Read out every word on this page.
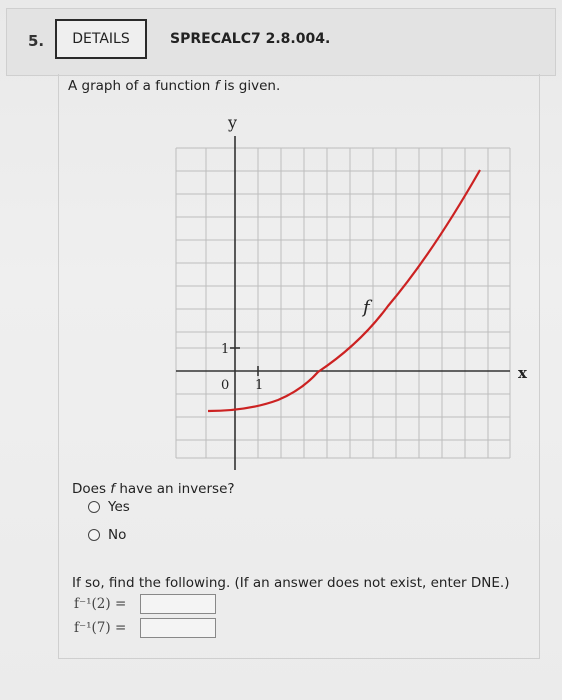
5.	DETAILS	SPRECALC7 2.8.004.
A graph of a function f is given.
y
x
0 1
1
f
Does f have an inverse?
Yes
No
If so, find the following. (If an answer does not exist, enter DNE.)
f⁻¹(2) =
f⁻¹(7) =
